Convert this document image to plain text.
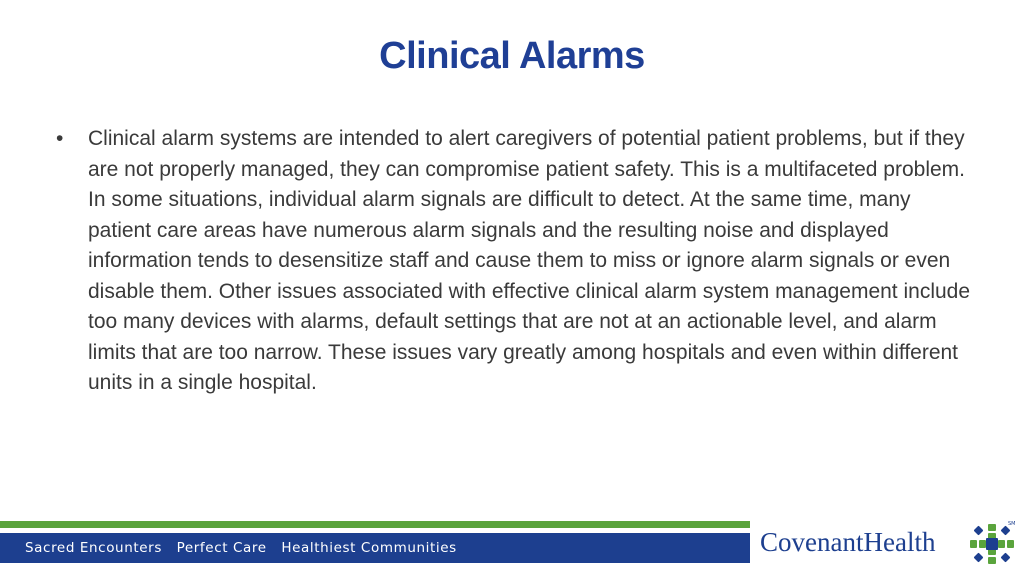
Clinical Alarms
• Clinical alarm systems are intended to alert caregivers of potential patient problems, but if they are not properly managed, they can compromise patient safety. This is a multifaceted problem. In some situations, individual alarm signals are difficult to detect. At the same time, many patient care areas have numerous alarm signals and the resulting noise and displayed information tends to desensitize staff and cause them to miss or ignore alarm signals or even disable them. Other issues associated with effective clinical alarm system management include too many devices with alarms, default settings that are not at an actionable level, and alarm limits that are too narrow. These issues vary greatly among hospitals and even within different units in a single hospital.
Sacred Encounters   Perfect Care   Healthiest Communities	CovenantHealth
SM
